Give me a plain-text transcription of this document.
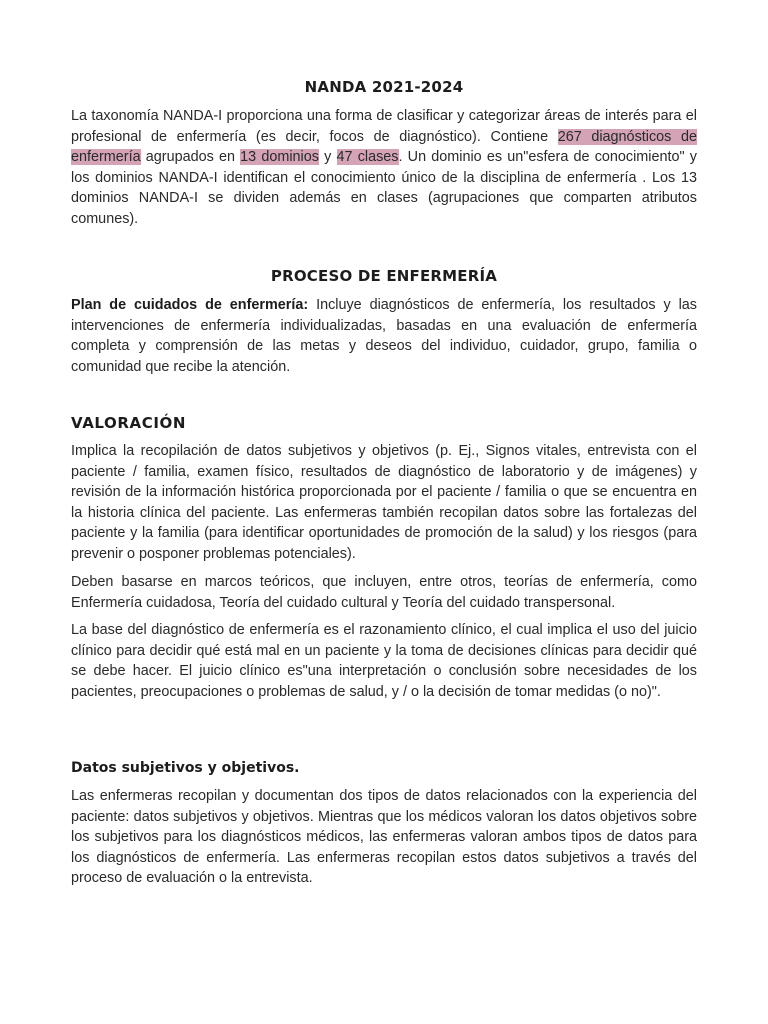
NANDA 2021-2024

La taxonomía NANDA-I proporciona una forma de clasificar y categorizar áreas de interés para el profesional de enfermería (es decir, focos de diagnóstico). Contiene 267 diagnósticos de enfermería agrupados en 13 dominios y 47 clases. Un dominio es un"esfera de conocimiento" y los dominios NANDA-I identifican el conocimiento único de la disciplina de enfermería . Los 13 dominios NANDA-I se dividen además en clases (agrupaciones que comparten atributos comunes).

PROCESO DE ENFERMERÍA

Plan de cuidados de enfermería: Incluye diagnósticos de enfermería, los resultados y las intervenciones de enfermería individualizadas, basadas en una evaluación de enfermería completa y comprensión de las metas y deseos del individuo, cuidador, grupo, familia o comunidad que recibe la atención.

VALORACIÓN

Implica la recopilación de datos subjetivos y objetivos (p. Ej., Signos vitales, entrevista con el paciente / familia, examen físico, resultados de diagnóstico de laboratorio y de imágenes) y revisión de la información histórica proporcionada por el paciente / familia o que se encuentra en la historia clínica del paciente. Las enfermeras también recopilan datos sobre las fortalezas del paciente y la familia (para identificar oportunidades de promoción de la salud) y los riesgos (para prevenir o posponer problemas potenciales).

Deben basarse en marcos teóricos, que incluyen, entre otros, teorías de enfermería, como Enfermería cuidadosa, Teoría del cuidado cultural y Teoría del cuidado transpersonal.

La base del diagnóstico de enfermería es el razonamiento clínico, el cual implica el uso del juicio clínico para decidir qué está mal en un paciente y la toma de decisiones clínicas para decidir qué se debe hacer. El juicio clínico es"una interpretación o conclusión sobre necesidades de los pacientes, preocupaciones o problemas de salud, y / o la decisión de tomar medidas (o no)".

Datos subjetivos y objetivos.

Las enfermeras recopilan y documentan dos tipos de datos relacionados con la experiencia del paciente: datos subjetivos y objetivos. Mientras que los médicos valoran los datos objetivos sobre los subjetivos para los diagnósticos médicos, las enfermeras valoran ambos tipos de datos para los diagnósticos de enfermería. Las enfermeras recopilan estos datos subjetivos a través del proceso de evaluación o la entrevista.
